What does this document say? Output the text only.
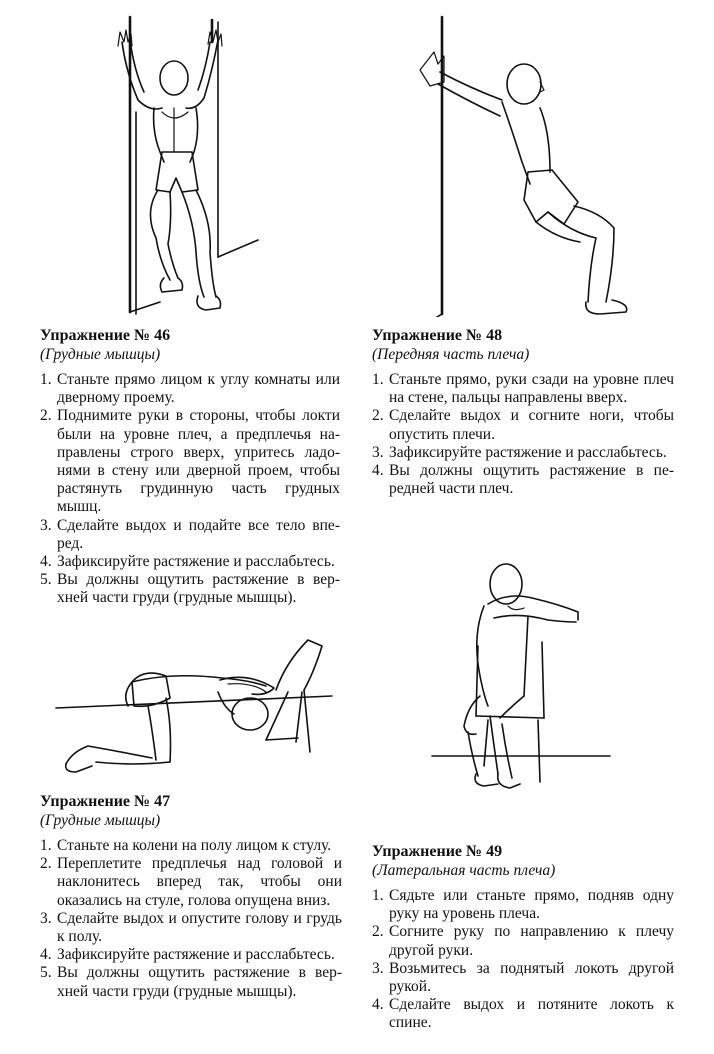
Упражнение № 46
(Грудные мышцы)
1. Станьте прямо лицом к углу комнаты или дверному проему.
2. Поднимите руки в стороны, чтобы локти были на уровне плеч, а предплечья направлены строго вверх, упритесь ладонями в стену или дверной проем, чтобы растянуть грудинную часть грудных мышц.
3. Сделайте выдох и подайте все тело вперед.
4. Зафиксируйте растяжение и расслабьтесь.
5. Вы должны ощутить растяжение в верхней части груди (грудные мышцы).
Упражнение № 48
(Передняя часть плеча)
1. Станьте прямо, руки сзади на уровне плеч на стене, пальцы направлены вверх.
2. Сделайте выдох и согните ноги, чтобы опустить плечи.
3. Зафиксируйте растяжение и расслабьтесь.
4. Вы должны ощутить растяжение в передней части плеч.
Упражнение № 47
(Грудные мышцы)
1. Станьте на колени на полу лицом к стулу.
2. Переплетите предплечья над головой и наклонитесь вперед так, чтобы они оказались на стуле, голова опущена вниз.
3. Сделайте выдох и опустите голову и грудь к полу.
4. Зафиксируйте растяжение и расслабьтесь.
5. Вы должны ощутить растяжение в верхней части груди (грудные мышцы).
Упражнение № 49
(Латеральная часть плеча)
1. Сядьте или станьте прямо, подняв одну руку на уровень плеча.
2. Согните руку по направлению к плечу другой руки.
3. Возьмитесь за поднятый локоть другой рукой.
4. Сделайте выдох и потяните локоть к спине.
